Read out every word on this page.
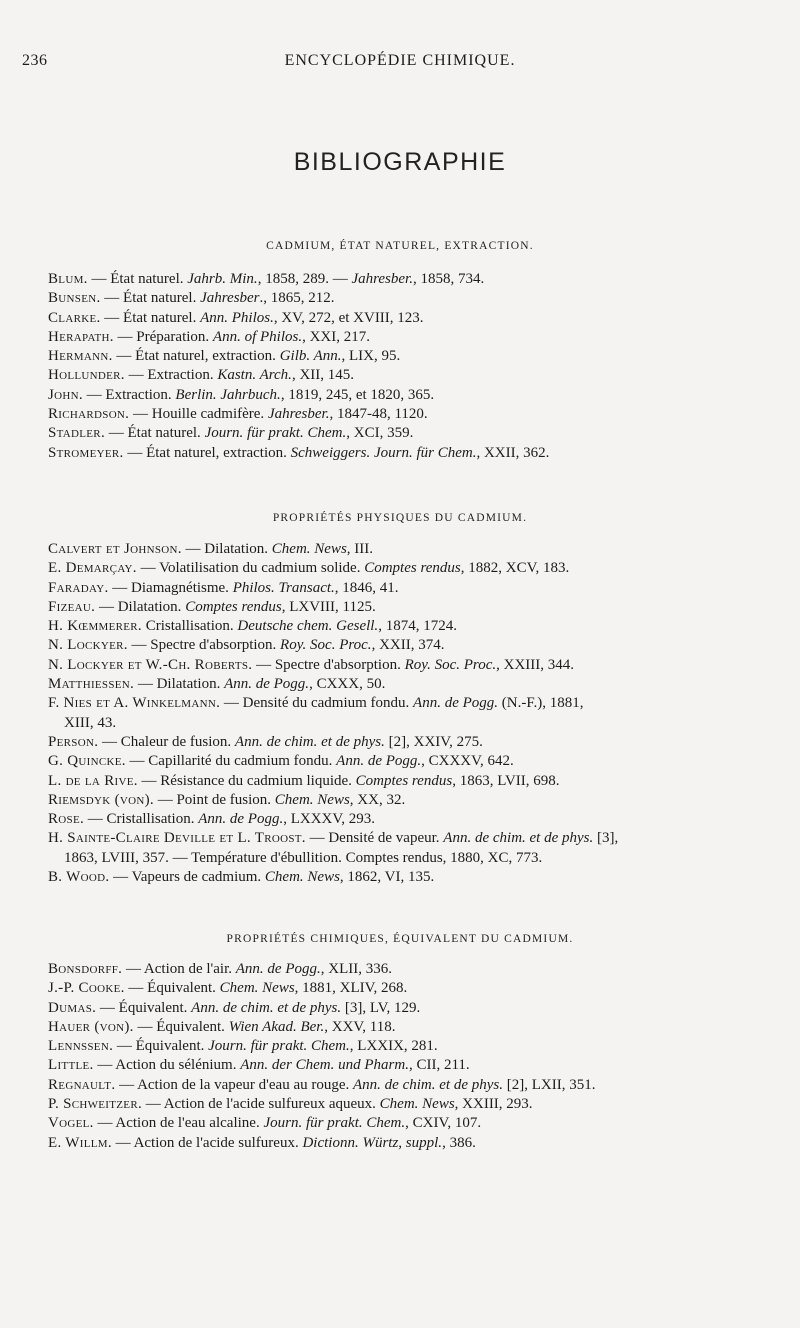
236	ENCYCLOPÉDIE CHIMIQUE.
BIBLIOGRAPHIE
CADMIUM, ÉTAT NATUREL, EXTRACTION.
Blum. — État naturel. Jahrb. Min., 1858, 289. — Jahresber., 1858, 734.
Bunsen. — État naturel. Jahresber., 1865, 212.
Clarke. — État naturel. Ann. Philos., XV, 272, et XVIII, 123.
Herapath. — Préparation. Ann. of Philos., XXI, 217.
Hermann. — État naturel, extraction. Gilb. Ann., LIX, 95.
Hollunder. — Extraction. Kastn. Arch., XII, 145.
John. — Extraction. Berlin. Jahrbuch., 1819, 245, et 1820, 365.
Richardson. — Houille cadmifère. Jahresber., 1847-48, 1120.
Stadler. — État naturel. Journ. für prakt. Chem., XCI, 359.
Stromeyer. — État naturel, extraction. Schweiggers. Journ. für Chem., XXII, 362.
PROPRIÉTÉS PHYSIQUES DU CADMIUM.
Calvert et Johnson. — Dilatation. Chem. News, III.
E. Demarçay. — Volatilisation du cadmium solide. Comptes rendus, 1882, XCV, 183.
Faraday. — Diamagnétisme. Philos. Transact., 1846, 41.
Fizeau. — Dilatation. Comptes rendus, LXVIII, 1125.
H. Kœmmerer. Cristallisation. Deutsche chem. Gesell., 1874, 1724.
N. Lockyer. — Spectre d'absorption. Roy. Soc. Proc., XXII, 374.
N. Lockyer et W.-Ch. Roberts. — Spectre d'absorption. Roy. Soc. Proc., XXIII, 344.
Matthiessen. — Dilatation. Ann. de Pogg., CXXX, 50.
F. Nies et A. Winkelmann. — Densité du cadmium fondu. Ann. de Pogg. (N.-F.), 1881,
XIII, 43.
Person. — Chaleur de fusion. Ann. de chim. et de phys. [2], XXIV, 275.
G. Quincke. — Capillarité du cadmium fondu. Ann. de Pogg., CXXXV, 642.
L. de la Rive. — Résistance du cadmium liquide. Comptes rendus, 1863, LVII, 698.
Riemsdyk (von). — Point de fusion. Chem. News, XX, 32.
Rose. — Cristallisation. Ann. de Pogg., LXXXV, 293.
H. Sainte-Claire Deville et L. Troost. — Densité de vapeur. Ann. de chim. et de phys. [3],
1863, LVIII, 357. — Température d'ébullition. Comptes rendus, 1880, XC, 773.
B. Wood. — Vapeurs de cadmium. Chem. News, 1862, VI, 135.
PROPRIÉTÉS CHIMIQUES, ÉQUIVALENT DU CADMIUM.
Bonsdorff. — Action de l'air. Ann. de Pogg., XLII, 336.
J.-P. Cooke. — Équivalent. Chem. News, 1881, XLIV, 268.
Dumas. — Équivalent. Ann. de chim. et de phys. [3], LV, 129.
Hauer (von). — Équivalent. Wien Akad. Ber., XXV, 118.
Lennssen. — Équivalent. Journ. für prakt. Chem., LXXIX, 281.
Little. — Action du sélénium. Ann. der Chem. und Pharm., CII, 211.
Regnault. — Action de la vapeur d'eau au rouge. Ann. de chim. et de phys. [2], LXII, 351.
P. Schweitzer. — Action de l'acide sulfureux aqueux. Chem. News, XXIII, 293.
Vogel. — Action de l'eau alcaline. Journ. für prakt. Chem., CXIV, 107.
E. Willm. — Action de l'acide sulfureux. Dictionn. Würtz, suppl., 386.
